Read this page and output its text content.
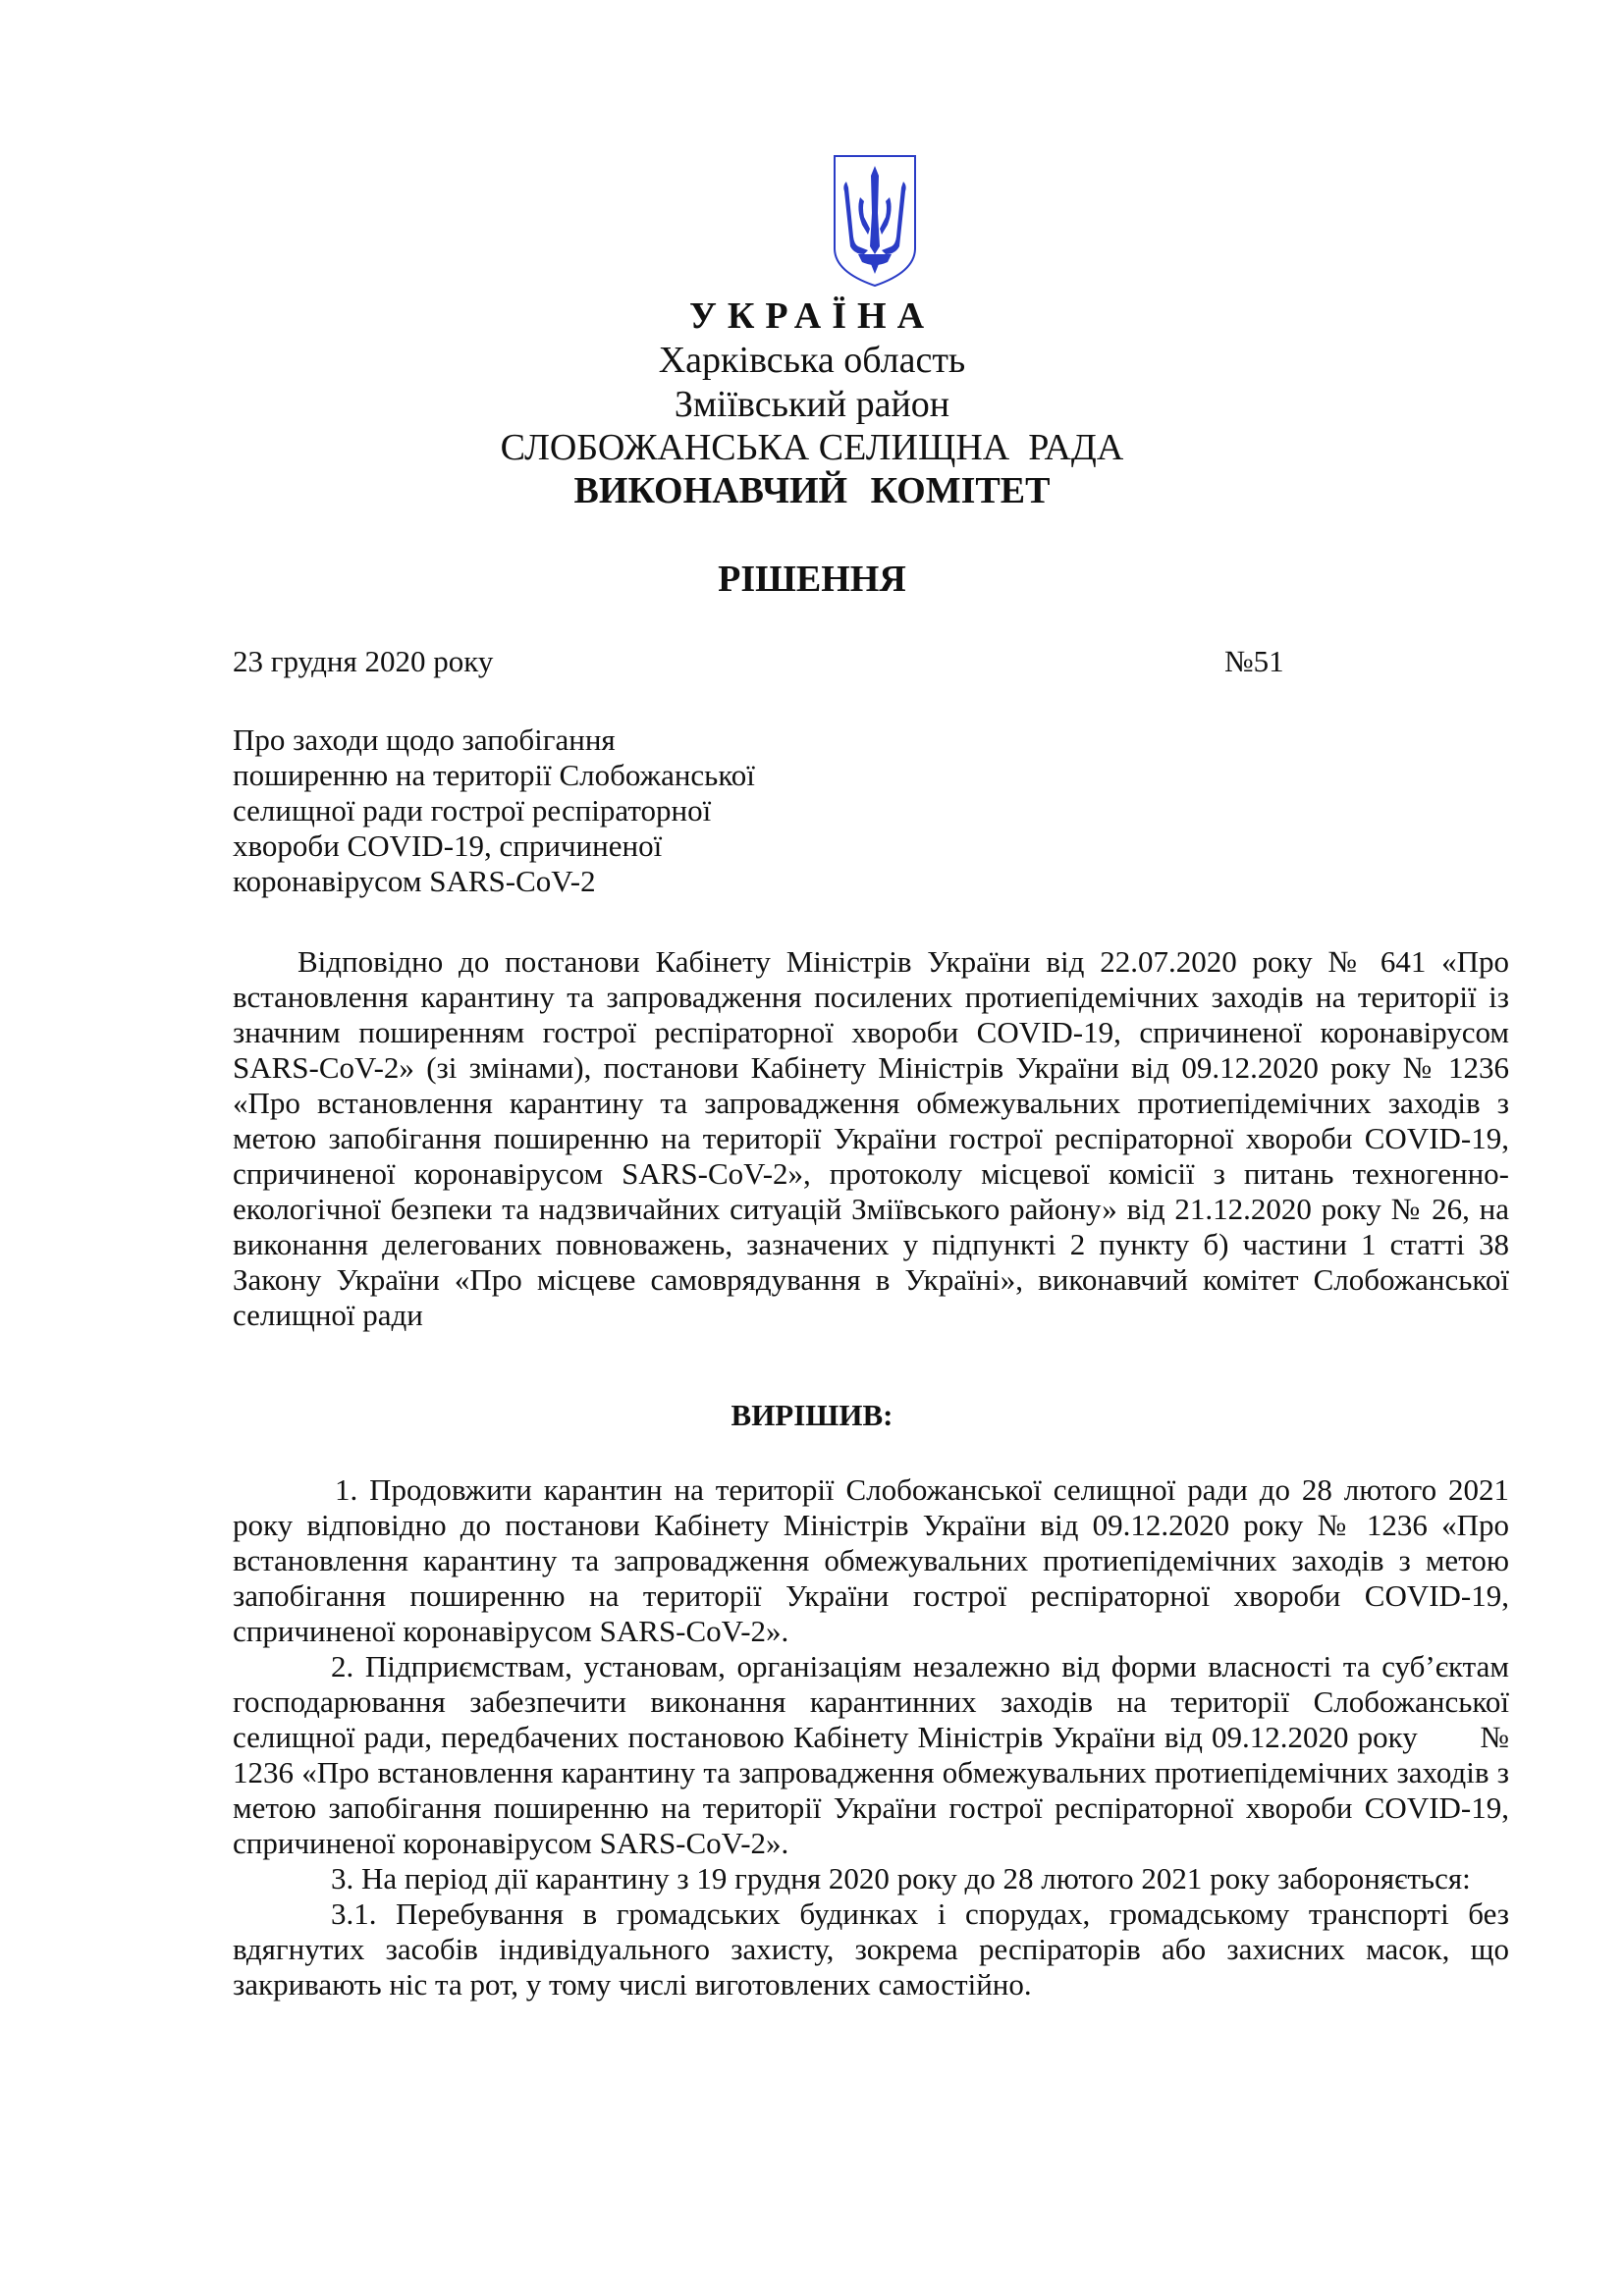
УКРАЇНА
Харківська область
Зміївський район
СЛОБОЖАНСЬКА СЕЛИЩНА  РАДА
ВИКОНАВЧИЙ КОМІТЕТ
РІШЕННЯ
23 грудня 2020 року	№51
Про заходи щодо запобігання
поширенню на території Слобожанської
селищної ради гострої респіраторної
хвороби COVID-19, спричиненої
коронавірусом SARS-CoV-2

Відповідно до постанови Кабінету Міністрів України від 22.07.2020 року № 641 «Про встановлення карантину та запровадження посилених протиепідемічних заходів на території із значним поширенням гострої респіраторної хвороби COVID-19, спричиненої коронавірусом SARS-CoV-2» (зі змінами), постанови Кабінету Міністрів України від 09.12.2020 року № 1236  «Про встановлення карантину та запровадження обмежувальних протиепідемічних заходів з метою запобігання поширенню на території України гострої респіраторної хвороби COVID-19, спричиненої коронавірусом SARS-CoV-2», протоколу місцевої комісії з питань техногенно-екологічної безпеки та надзвичайних ситуацій Зміївського району» від 21.12.2020 року № 26, на виконання делегованих повноважень, зазначених у підпункті 2 пункту б) частини 1 статті 38 Закону України «Про місцеве самоврядування в Україні», виконавчий комітет Слобожанської селищної ради

ВИРІШИВ:

1. Продовжити карантин на території Слобожанської селищної ради до 28 лютого 2021 року відповідно до постанови Кабінету Міністрів України від 09.12.2020 року № 1236 «Про встановлення карантину та запровадження обмежувальних протиепідемічних заходів з метою запобігання поширенню на території України гострої респіраторної хвороби COVID-19, спричиненої коронавірусом SARS-CoV-2».

2. Підприємствам, установам, організаціям незалежно від форми власності та суб’єктам господарювання забезпечити виконання карантинних заходів на території Слобожанської селищної ради, передбачених постановою Кабінету Міністрів України від 09.12.2020 року       № 1236 «Про встановлення карантину та запровадження обмежувальних протиепідемічних заходів з метою запобігання поширенню на території України гострої респіраторної хвороби COVID-19, спричиненої коронавірусом SARS-CoV-2».

3. На період дії карантину з 19 грудня 2020 року до 28 лютого 2021 року забороняється:

3.1. Перебування в громадських будинках і спорудах, громадському транспорті без вдягнутих засобів індивідуального захисту, зокрема респіраторів або захисних масок, що закривають ніс та рот, у тому числі виготовлених самостійно.
